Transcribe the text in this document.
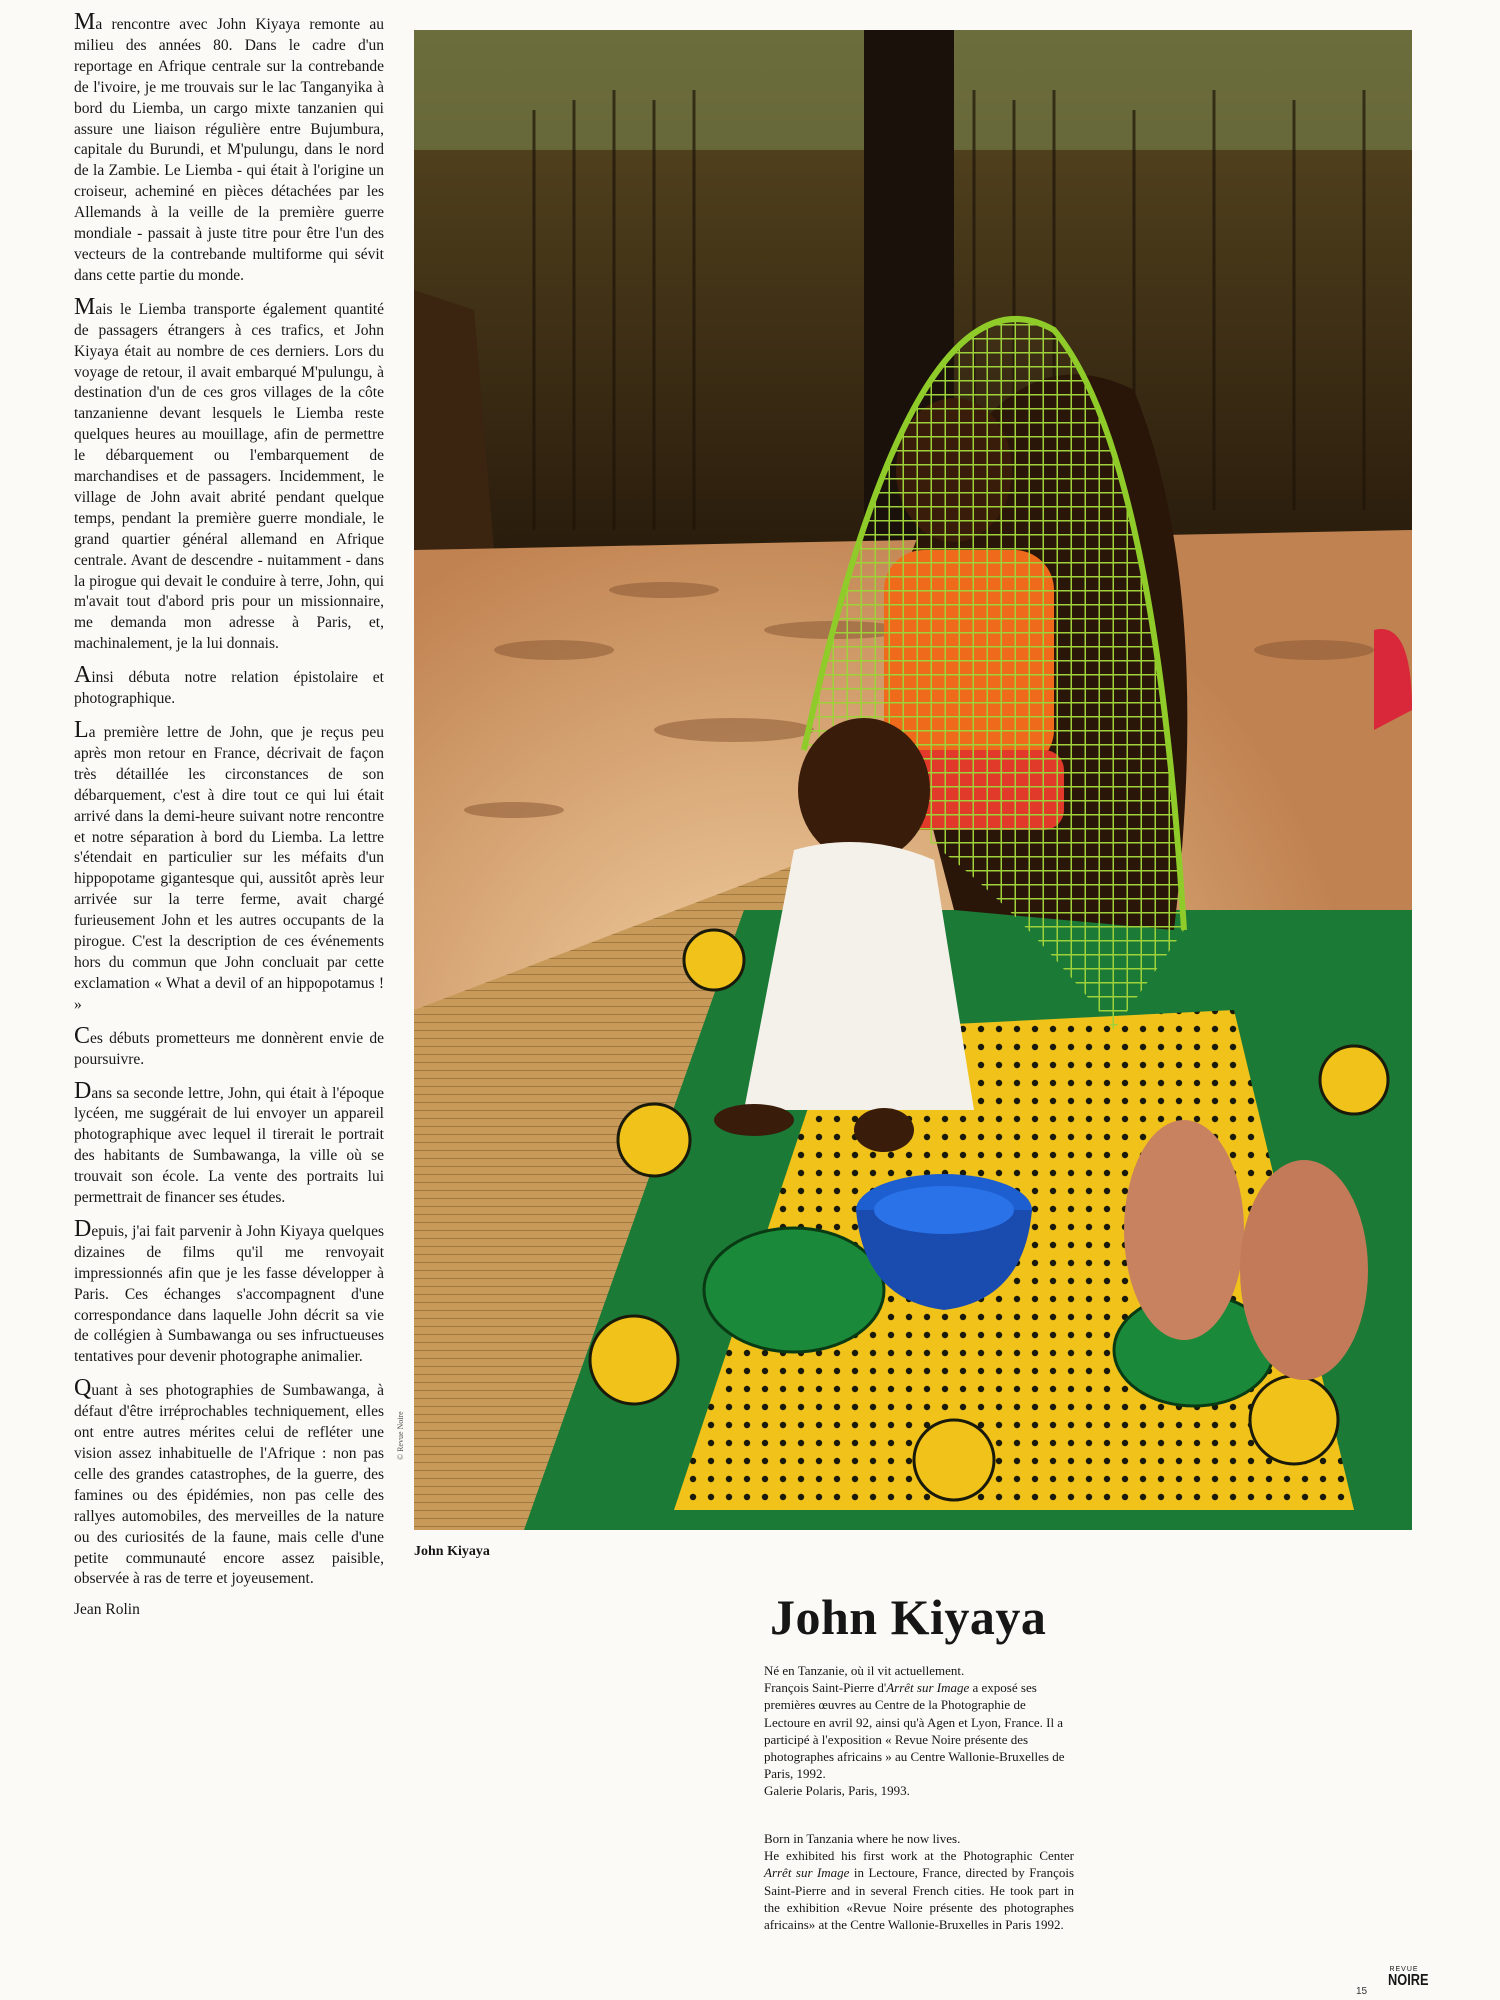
Ma rencontre avec John Kiyaya remonte au milieu des années 80. Dans le cadre d'un reportage en Afrique centrale sur la contrebande de l'ivoire, je me trouvais sur le lac Tanganyika à bord du Liemba, un cargo mixte tanzanien qui assure une liaison régulière entre Bujumbura, capitale du Burundi, et M'pulungu, dans le nord de la Zambie. Le Liemba - qui était à l'origine un croiseur, acheminé en pièces détachées par les Allemands à la veille de la première guerre mondiale - passait à juste titre pour être l'un des vecteurs de la contrebande multiforme qui sévit dans cette partie du monde.

Mais le Liemba transporte également quantité de passagers étrangers à ces trafics, et John Kiyaya était au nombre de ces derniers. Lors du voyage de retour, il avait embarqué M'pulungu, à destination d'un de ces gros villages de la côte tanzanienne devant lesquels le Liemba reste quelques heures au mouillage, afin de permettre le débarquement ou l'embarquement de marchandises et de passagers. Incidemment, le village de John avait abrité pendant quelque temps, pendant la première guerre mondiale, le grand quartier général allemand en Afrique centrale. Avant de descendre - nuitamment - dans la pirogue qui devait le conduire à terre, John, qui m'avait tout d'abord pris pour un missionnaire, me demanda mon adresse à Paris, et, machinalement, je la lui donnais.

Ainsi débuta notre relation épistolaire et photographique.

La première lettre de John, que je reçus peu après mon retour en France, décrivait de façon très détaillée les circonstances de son débarquement, c'est à dire tout ce qui lui était arrivé dans la demi-heure suivant notre rencontre et notre séparation à bord du Liemba. La lettre s'étendait en particulier sur les méfaits d'un hippopotame gigantesque qui, aussitôt après leur arrivée sur la terre ferme, avait chargé furieusement John et les autres occupants de la pirogue. C'est la description de ces événements hors du commun que John concluait par cette exclamation « What a devil of an hippopotamus ! »

Ces débuts prometteurs me donnèrent envie de poursuivre.

Dans sa seconde lettre, John, qui était à l'époque lycéen, me suggérait de lui envoyer un appareil photographique avec lequel il tirerait le portrait des habitants de Sumbawanga, la ville où se trouvait son école. La vente des portraits lui permettrait de financer ses études.

Depuis, j'ai fait parvenir à John Kiyaya quelques dizaines de films qu'il me renvoyait impressionnés afin que je les fasse développer à Paris. Ces échanges s'accompagnent d'une correspondance dans laquelle John décrit sa vie de collégien à Sumbawanga ou ses infructueuses tentatives pour devenir photographe animalier.

Quant à ses photographies de Sumbawanga, à défaut d'être irréprochables techniquement, elles ont entre autres mérites celui de refléter une vision assez inhabituelle de l'Afrique : non pas celle des grandes catastrophes, de la guerre, des famines ou des épidémies, non pas celle des rallyes automobiles, des merveilles de la nature ou des curiosités de la faune, mais celle d'une petite communauté encore assez paisible, observée à ras de terre et joyeusement.

Jean Rolin
© Revue Noire
John Kiyaya
John Kiyaya

Né en Tanzanie, où il vit actuellement.

François Saint-Pierre d'Arrêt sur Image a exposé ses premières œuvres au Centre de la Photographie de Lectoure en avril 92, ainsi qu'à Agen et Lyon, France. Il a participé à l'exposition « Revue Noire présente des photographes africains » au Centre Wallonie-Bruxelles de Paris, 1992.

Galerie Polaris, Paris, 1993.

Born in Tanzania where he now lives.

He exhibited his first work at the Photographic Center Arrêt sur Image in Lectoure, France, directed by François Saint-Pierre and in several French cities. He took part in the exhibition «Revue Noire présente des photographes africains» at the Centre Wallonie-Bruxelles in Paris 1992.

15
REVUE
NOIRE
